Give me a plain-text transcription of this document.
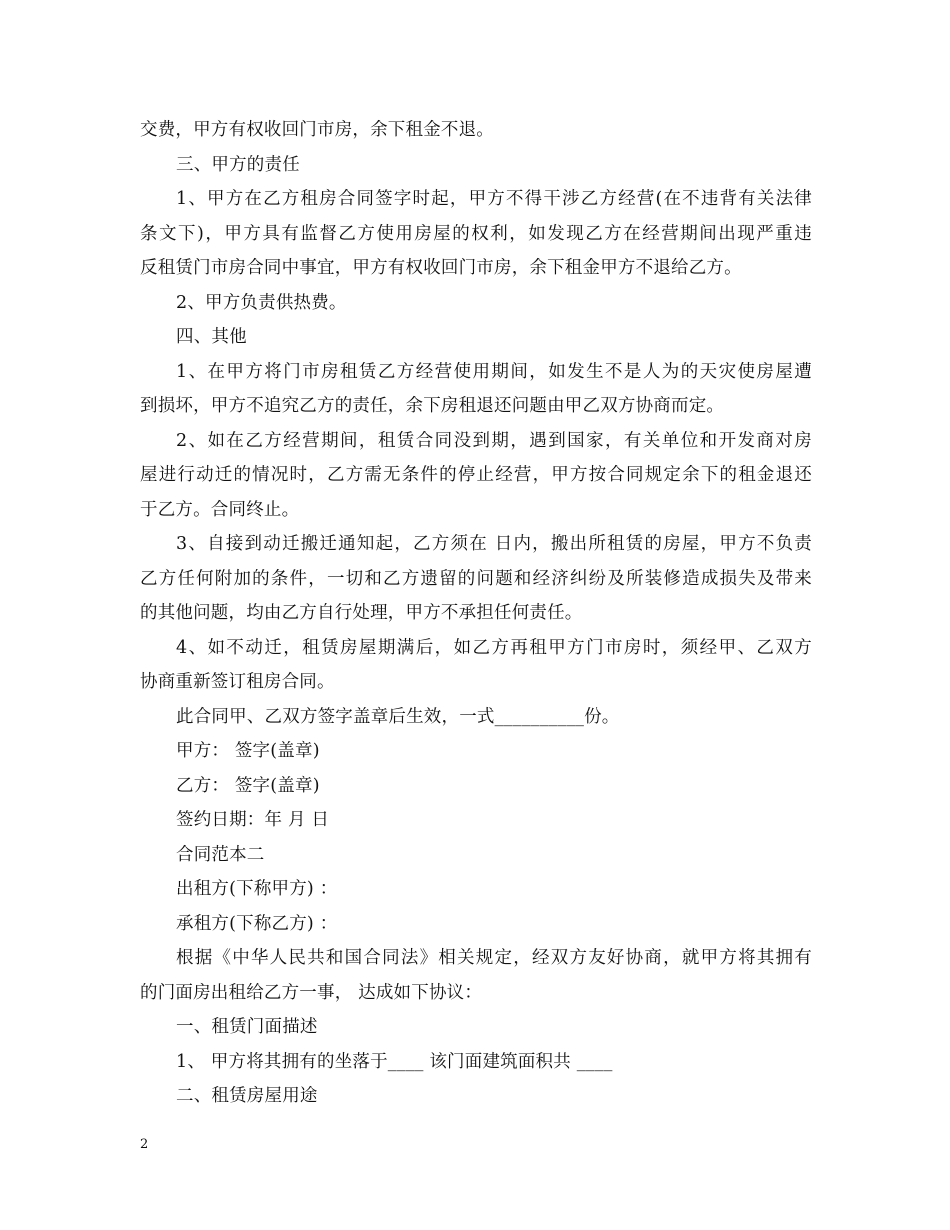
交费，甲方有权收回门市房，余下租金不退。
三、甲方的责任
1、甲方在乙方租房合同签字时起，甲方不得干涉乙方经营(在不违背有关法律
条文下)，甲方具有监督乙方使用房屋的权利，如发现乙方在经营期间出现严重违
反租赁门市房合同中事宜，甲方有权收回门市房，余下租金甲方不退给乙方。
2、甲方负责供热费。
四、其他
1、在甲方将门市房租赁乙方经营使用期间，如发生不是人为的天灾使房屋遭
到损坏，甲方不追究乙方的责任，余下房租退还问题由甲乙双方协商而定。
2、如在乙方经营期间，租赁合同没到期，遇到国家，有关单位和开发商对房
屋进行动迁的情况时，乙方需无条件的停止经营，甲方按合同规定余下的租金退还
于乙方。合同终止。
3、自接到动迁搬迁通知起，乙方须在 日内，搬出所租赁的房屋，甲方不负责
乙方任何附加的条件，一切和乙方遗留的问题和经济纠纷及所装修造成损失及带来
的其他问题，均由乙方自行处理，甲方不承担任何责任。
4、如不动迁，租赁房屋期满后，如乙方再租甲方门市房时，须经甲、乙双方
协商重新签订租房合同。
此合同甲、乙双方签字盖章后生效，一式__________份。
甲方： 签字(盖章)
乙方： 签字(盖章)
签约日期：年 月 日
合同范本二
出租方(下称甲方) ：
承租方(下称乙方) ：
根据《中华人民共和国合同法》相关规定，经双方友好协商，就甲方将其拥有
的门面房出租给乙方一事， 达成如下协议：
一、租赁门面描述
1、 甲方将其拥有的坐落于____ 该门面建筑面积共 ____
二、租赁房屋用途
2
